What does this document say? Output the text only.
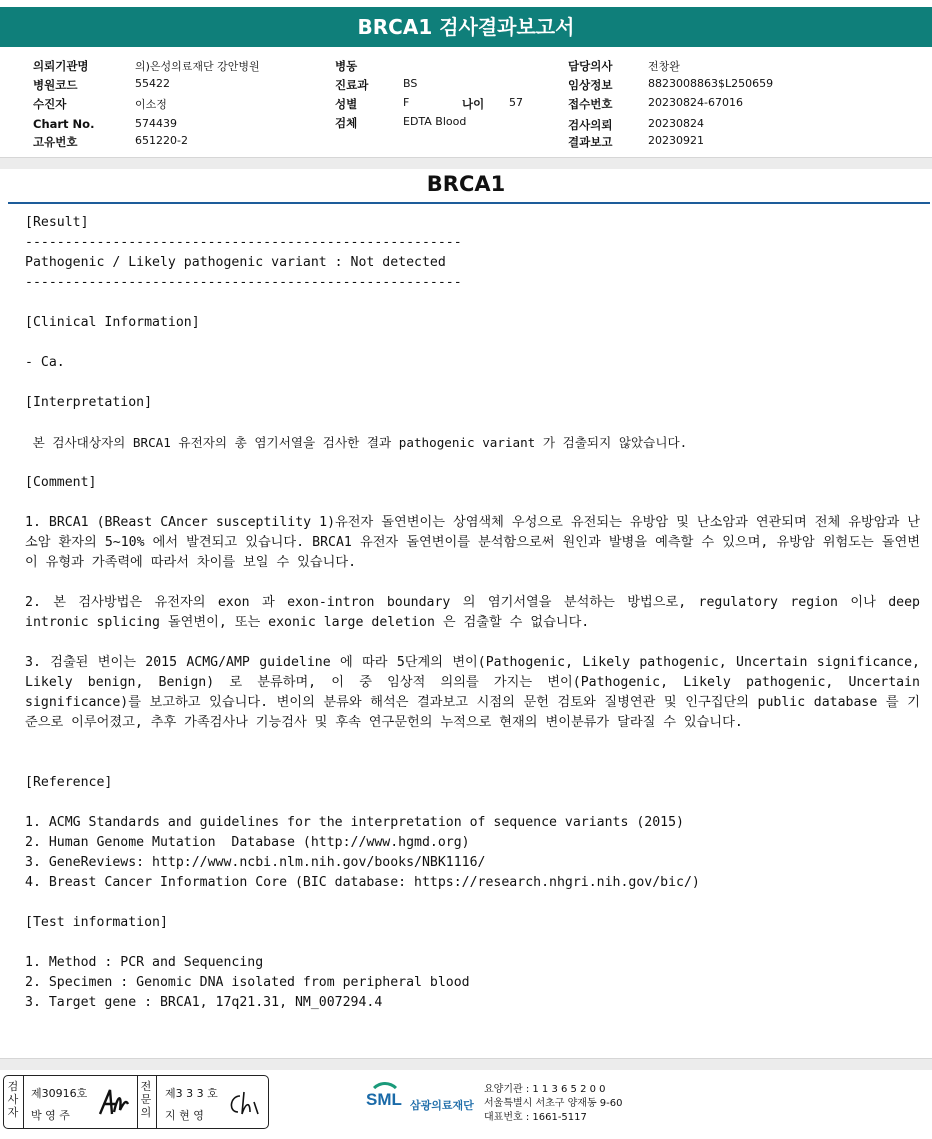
BRCA1 검사결과보고서
의뢰기관명	의)은성의료재단 강안병원
병원코드	55422
수진자	이소정
Chart No.	574439
고유번호	651220-2
병동
진료과	BS
성별	F	나이 57
검체	EDTA Blood
담당의사	전창완
임상정보	8823008863$L250659
접수번호	20230824-67016
검사의뢰	20230824
결과보고	20230921
BRCA1
[Result]
-------------------------------------------------------
Pathogenic / Likely pathogenic variant : Not detected
-------------------------------------------------------
[Clinical Information]
- Ca.
[Interpretation]
본 검사대상자의 BRCA1 유전자의 총 염기서열을 검사한 결과 pathogenic variant 가 검출되지 않았습니다.
[Comment]
1. BRCA1 (BReast CAncer susceptility 1)유전자 돌연변이는 상염색체 우성으로 유전되는 유방암 및 난소암과 연관되며 전체 유방암과 난소암 환자의 5~10% 에서 발견되고 있습니다. BRCA1 유전자 돌연변이를 분석함으로써 원인과 발병을 예측할 수 있으며, 유방암 위험도는 돌연변이 유형과 가족력에 따라서 차이를 보일 수 있습니다.
2. 본 검사방법은 유전자의 exon 과 exon-intron boundary 의 염기서열을 분석하는 방법으로, regulatory region 이나 deep intronic splicing 돌연변이, 또는 exonic large deletion 은 검출할 수 없습니다.
3. 검출된 변이는 2015 ACMG/AMP guideline 에 따라 5단계의 변이(Pathogenic, Likely pathogenic, Uncertain significance, Likely benign, Benign) 로 분류하며, 이 중 임상적 의의를 가지는 변이(Pathogenic, Likely pathogenic, Uncertain significance)를 보고하고 있습니다. 변이의 분류와 해석은 결과보고 시점의 문헌 검토와 질병연관 및 인구집단의 public database 를 기준으로 이루어졌고, 추후 가족검사나 기능검사 및 후속 연구문헌의 누적으로 현재의 변이분류가 달라질 수 있습니다.
[Reference]
1. ACMG Standards and guidelines for the interpretation of sequence variants (2015)
2. Human Genome Mutation  Database (http://www.hgmd.org)
3. GeneReviews: http://www.ncbi.nlm.nih.gov/books/NBK1116/
4. Breast Cancer Information Core (BIC database: https://research.nhgri.nih.gov/bic/)
[Test information]
1. Method : PCR and Sequencing
2. Specimen : Genomic DNA isolated from peripheral blood
3. Target gene : BRCA1, 17q21.31, NM_007294.4
검사자
제30916호
박 영 주
전문의
제3 3 3 호
지 현 영
SML 삼광의료재단
요양기관 : 1 1 3 6 5 2 0 0
서울특별시 서초구 양재동 9-60
대표번호 : 1661-5117
